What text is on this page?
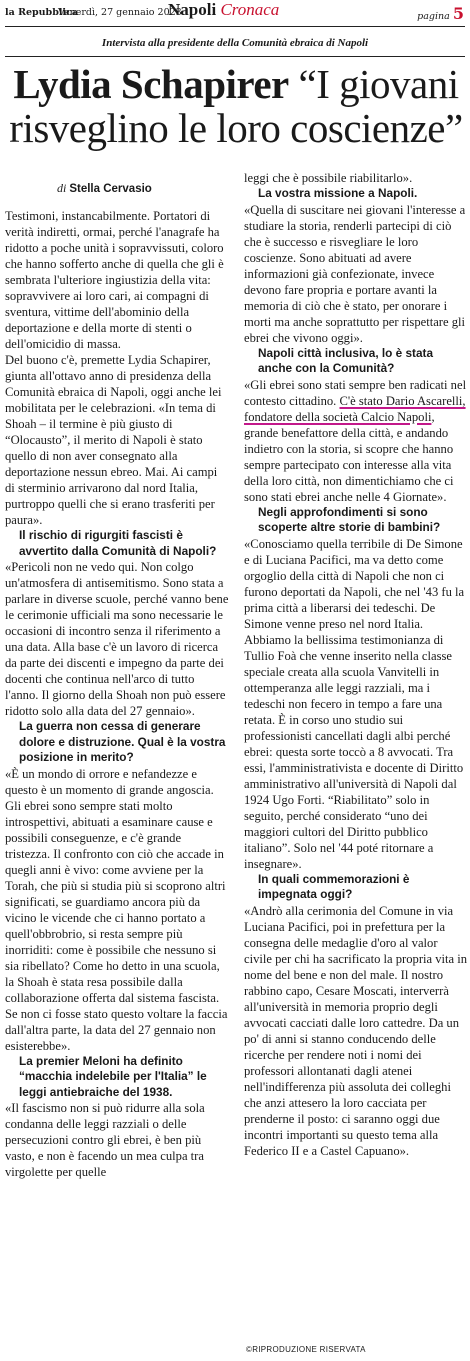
la Repubblica
Venerdì, 27 gennaio 2023
Napoli Cronaca	pagina 5
Intervista alla presidente della Comunità ebraica di Napoli
Lydia Schapirer “I giovani risveglino le loro coscienze”
di Stella Cervasio

Testimoni, instancabilmente. Portatori di verità indiretti, ormai, perché l'anagrafe ha ridotto a poche unità i sopravvissuti, coloro che hanno sofferto anche di quella che gli è sembrata l'ulteriore ingiustizia della vita: sopravvivere ai loro cari, ai compagni di sventura, vittime dell'abominio della deportazione e della morte di stenti o dell'omicidio di massa.

Del buono c'è, premette Lydia Schapirer, giunta all'ottavo anno di presidenza della Comunità ebraica di Napoli, oggi anche lei mobilitata per le celebrazioni. «In tema di Shoah – il termine è più giusto di “Olocausto”, il merito di Napoli è stato quello di non aver consegnato alla deportazione nessun ebreo. Mai. Ai campi di sterminio arrivarono dal nord Italia, purtroppo quelli che si erano trasferiti per paura».

Il rischio di rigurgiti fascisti è avvertito dalla Comunità di Napoli?

«Pericoli non ne vedo qui. Non colgo un'atmosfera di antisemitismo. Sono stata a parlare in diverse scuole, perché vanno bene le cerimonie ufficiali ma sono necessarie le occasioni di incontro senza il riferimento a una data. Alla base c'è un lavoro di ricerca da parte dei discenti e impegno da parte dei docenti che continua nell'arco di tutto l'anno. Il giorno della Shoah non può essere ridotto solo alla data del 27 gennaio».

La guerra non cessa di generare dolore e distruzione. Qual è la vostra posizione in merito?

«È un mondo di orrore e nefandezze e questo è un momento di grande angoscia. Gli ebrei sono sempre stati molto introspettivi, abituati a esaminare cause e possibili conseguenze, e c'è grande tristezza. Il confronto con ciò che accade in quegli anni è vivo: come avviene per la Torah, che più si studia più si scoprono altri significati, se guardiamo ancora più da vicino le vicende che ci hanno portato a quell'obbrobrio, si resta sempre più inorriditi: come è possibile che nessuno si sia ribellato? Come ho detto in una scuola, la Shoah è stata resa possibile dalla collaborazione offerta dal sistema fascista. Se non ci fosse stato questo voltare la faccia dall'altra parte, la data del 27 gennaio non esisterebbe».

La premier Meloni ha definito “macchia indelebile per l'Italia” le leggi antiebraiche del 1938.

«Il fascismo non si può ridurre alla sola condanna delle leggi razziali o delle persecuzioni contro gli ebrei, è ben più vasto, e non è facendo un mea culpa tra virgolette per quelle

leggi che è possibile riabilitarlo».

La vostra missione a Napoli.

«Quella di suscitare nei giovani l'interesse a studiare la storia, renderli partecipi di ciò che è successo e risvegliare le loro coscienze. Sono abituati ad avere informazioni già confezionate, invece devono fare propria e portare avanti la memoria di ciò che è stato, per onorare i morti ma anche soprattutto per rispettare gli ebrei che vivono oggi».

Napoli città inclusiva, lo è stata anche con la Comunità?

«Gli ebrei sono stati sempre ben radicati nel contesto cittadino. C'è stato Dario Ascarelli, fondatore della società Calcio Napoli, grande benefattore della città, e andando indietro con la storia, si scopre che hanno sempre partecipato con interesse alla vita della loro città, non dimentichiamo che ci sono stati ebrei anche nelle 4 Giornate».

Negli approfondimenti si sono scoperte altre storie di bambini?

«Conosciamo quella terribile di De Simone e di Luciana Pacifici, ma va detto come orgoglio della città di Napoli che non ci furono deportati da Napoli, che nel '43 fu la prima città a liberarsi dei tedeschi. De Simone venne preso nel nord Italia. Abbiamo la bellissima testimonianza di Tullio Foà che venne inserito nella classe speciale creata alla scuola Vanvitelli in ottemperanza alle leggi razziali, ma i tedeschi non fecero in tempo a fare una retata. È in corso uno studio sui professionisti cancellati dagli albi perché ebrei: questa sorte toccò a 8 avvocati. Tra essi, l'amministrativista e docente di Diritto amministrativo all'università di Napoli dal 1924 Ugo Forti. “Riabilitato” solo in seguito, perché considerato “uno dei maggiori cultori del Diritto pubblico italiano”. Solo nel '44 poté ritornare a insegnare».

In quali commemorazioni è impegnata oggi?

«Andrò alla cerimonia del Comune in via Luciana Pacifici, poi in prefettura per la consegna delle medaglie d'oro al valor civile per chi ha sacrificato la propria vita in nome del bene e non del male. Il nostro rabbino capo, Cesare Moscati, interverrà all'università in memoria proprio degli avvocati cacciati dalle loro cattedre. Da un po' di anni si stanno conducendo delle ricerche per rendere noti i nomi dei professori allontanati dagli atenei nell'indifferenza più assoluta dei colleghi che anzi attesero la loro cacciata per prenderne il posto: ci saranno oggi due incontri importanti su questo tema alla Federico II e a Castel Capuano».

©RIPRODUZIONE RISERVATA
